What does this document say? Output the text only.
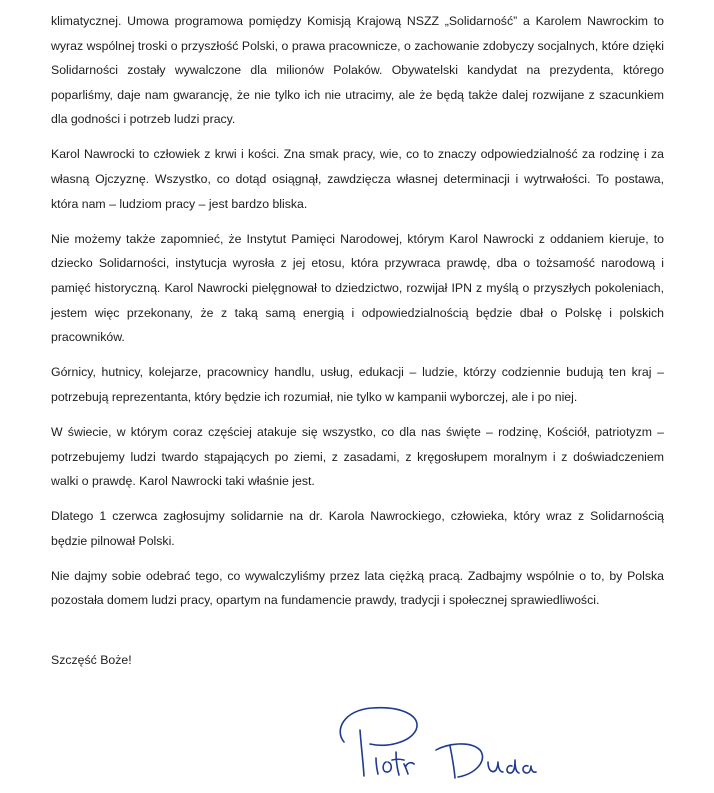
klimatycznej. Umowa programowa pomiędzy Komisją Krajową NSZZ „Solidarność” a Karolem Nawrockim to wyraz wspólnej troski o przyszłość Polski, o prawa pracownicze, o zachowanie zdobyczy socjalnych, które dzięki Solidarności zostały wywalczone dla milionów Polaków. Obywatelski kandydat na prezydenta, którego poparliśmy, daje nam gwarancję, że nie tylko ich nie utracimy, ale że będą także dalej rozwijane z szacunkiem dla godności i potrzeb ludzi pracy.

Karol Nawrocki to człowiek z krwi i kości. Zna smak pracy, wie, co to znaczy odpowiedzialność za rodzinę i za własną Ojczyznę. Wszystko, co dotąd osiągnął, zawdzięcza własnej determinacji i wytrwałości. To postawa, która nam – ludziom pracy – jest bardzo bliska.

Nie możemy także zapomnieć, że Instytut Pamięci Narodowej, którym Karol Nawrocki z oddaniem kieruje, to dziecko Solidarności, instytucja wyrosła z jej etosu, która przywraca prawdę, dba o tożsamość narodową i pamięć historyczną. Karol Nawrocki pielęgnował to dziedzictwo, rozwijał IPN z myślą o przyszłych pokoleniach, jestem więc przekonany, że z taką samą energią i odpowiedzialnością będzie dbał o Polskę i polskich pracowników.

Górnicy, hutnicy, kolejarze, pracownicy handlu, usług, edukacji – ludzie, którzy codziennie budują ten kraj – potrzebują reprezentanta, który będzie ich rozumiał, nie tylko w kampanii wyborczej, ale i po niej.

W świecie, w którym coraz częściej atakuje się wszystko, co dla nas święte – rodzinę, Kościół, patriotyzm – potrzebujemy ludzi twardo stąpających po ziemi, z zasadami, z kręgosłupem moralnym i z doświadczeniem walki o prawdę. Karol Nawrocki taki właśnie jest.

Dlatego 1 czerwca zagłosujmy solidarnie na dr. Karola Nawrockiego, człowieka, który wraz z Solidarnością będzie pilnował Polski.

Nie dajmy sobie odebrać tego, co wywalczyliśmy przez lata ciężką pracą. Zadbajmy wspólnie o to, by Polska pozostała domem ludzi pracy, opartym na fundamencie prawdy, tradycji i społecznej sprawiedliwości.

Szczęść Boże!
